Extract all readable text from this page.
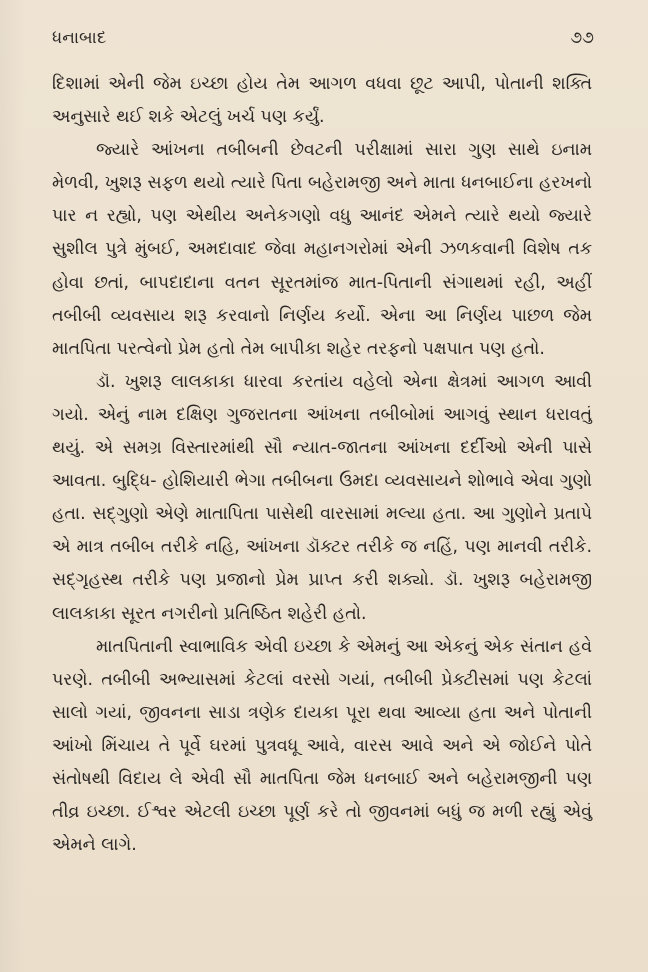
ધનાબાદ	૭૭

દિશામાં એની જેમ ઇચ્છા હોય તેમ આગળ વધવા છૂટ આપી, પોતાની શક્તિ અનુસારે થઈ શકે એટલું ખર્ચ પણ કર્યું.

જ્યારે આંખના તબીબની છેવટની પરીક્ષામાં સારા ગુણ સાથે ઇનામ મેળવી, ખુશરૂ સફળ થયો ત્યારે પિતા બહેરામજી અને માતા ધનબાઈના હરખનો પાર ન રહ્યો, પણ એથીય અનેકગણો વધુ આનંદ એમને ત્યારે થયો જ્યારે સુશીલ પુત્રે મુંબઈ, અમદાવાદ જેવા મહાનગરોમાં એની ઝળકવાની વિશેષ તક હોવા છતાં, બાપદાદાના વતન સૂરતમાંજ માત-પિતાની સંગાથમાં રહી, અહીં તબીબી વ્યવસાય શરૂ કરવાનો નિર્ણય કર્યો. એના આ નિર્ણય પાછળ જેમ માતપિતા પરત્વેનો પ્રેમ હતો તેમ બાપીકા શહેર તરફનો પક્ષપાત પણ હતો.

ડૉ. ખુશરૂ લાલકાકા ધારવા કરતાંય વહેલો એના ક્ષેત્રમાં આગળ આવી ગયો. એનું નામ દક્ષિણ ગુજરાતના આંખના તબીબોમાં આગવું સ્થાન ધરાવતું થયું. એ સમગ્ર વિસ્તારમાંથી સૌ ન્યાત-જાતના આંખના દર્દીઓ એની પાસે આવતા. બુદ્ધિ- હોશિયારી ભેગા તબીબના ઉમદા વ્યવસાયને શોભાવે એવા ગુણો હતા. સદ્‌ગુણો એણે માતાપિતા પાસેથી વારસામાં મલ્યા હતા. આ ગુણોને પ્રતાપે એ માત્ર તબીબ તરીકે નહિ, આંખના ડૉક્ટર તરીકે જ નહિં, પણ માનવી તરીકે. સદ્‌ગૃહસ્થ તરીકે પણ પ્રજાનો પ્રેમ પ્રાપ્ત કરી શક્યો. ડૉ. ખુશરૂ બહેરામજી લાલકાકા સૂરત નગરીનો પ્રતિષ્ઠિત શહેરી હતો.

માતપિતાની સ્વાભાવિક એવી ઇચ્છા કે એમનું આ એકનું એક સંતાન હવે પરણે. તબીબી અભ્યાસમાં કેટલાં વરસો ગયાં, તબીબી પ્રેક્ટીસમાં પણ કેટલાં સાલો ગયાં, જીવનના સાડા ત્રણેક દાયકા પૂરા થવા આવ્યા હતા અને પોતાની આંખો મિંચાય તે પૂર્વે ઘરમાં પુત્રવધૂ આવે, વારસ આવે અને એ જોઈને પોતે સંતોષથી વિદાય લે એવી સૌ માતપિતા જેમ ધનબાઈ અને બહેરામજીની પણ તીવ્ર ઇચ્છા. ઈશ્વર એટલી ઇચ્છા પૂર્ણ કરે તો જીવનમાં બધું જ મળી રહ્યું એવું એમને લાગે.
